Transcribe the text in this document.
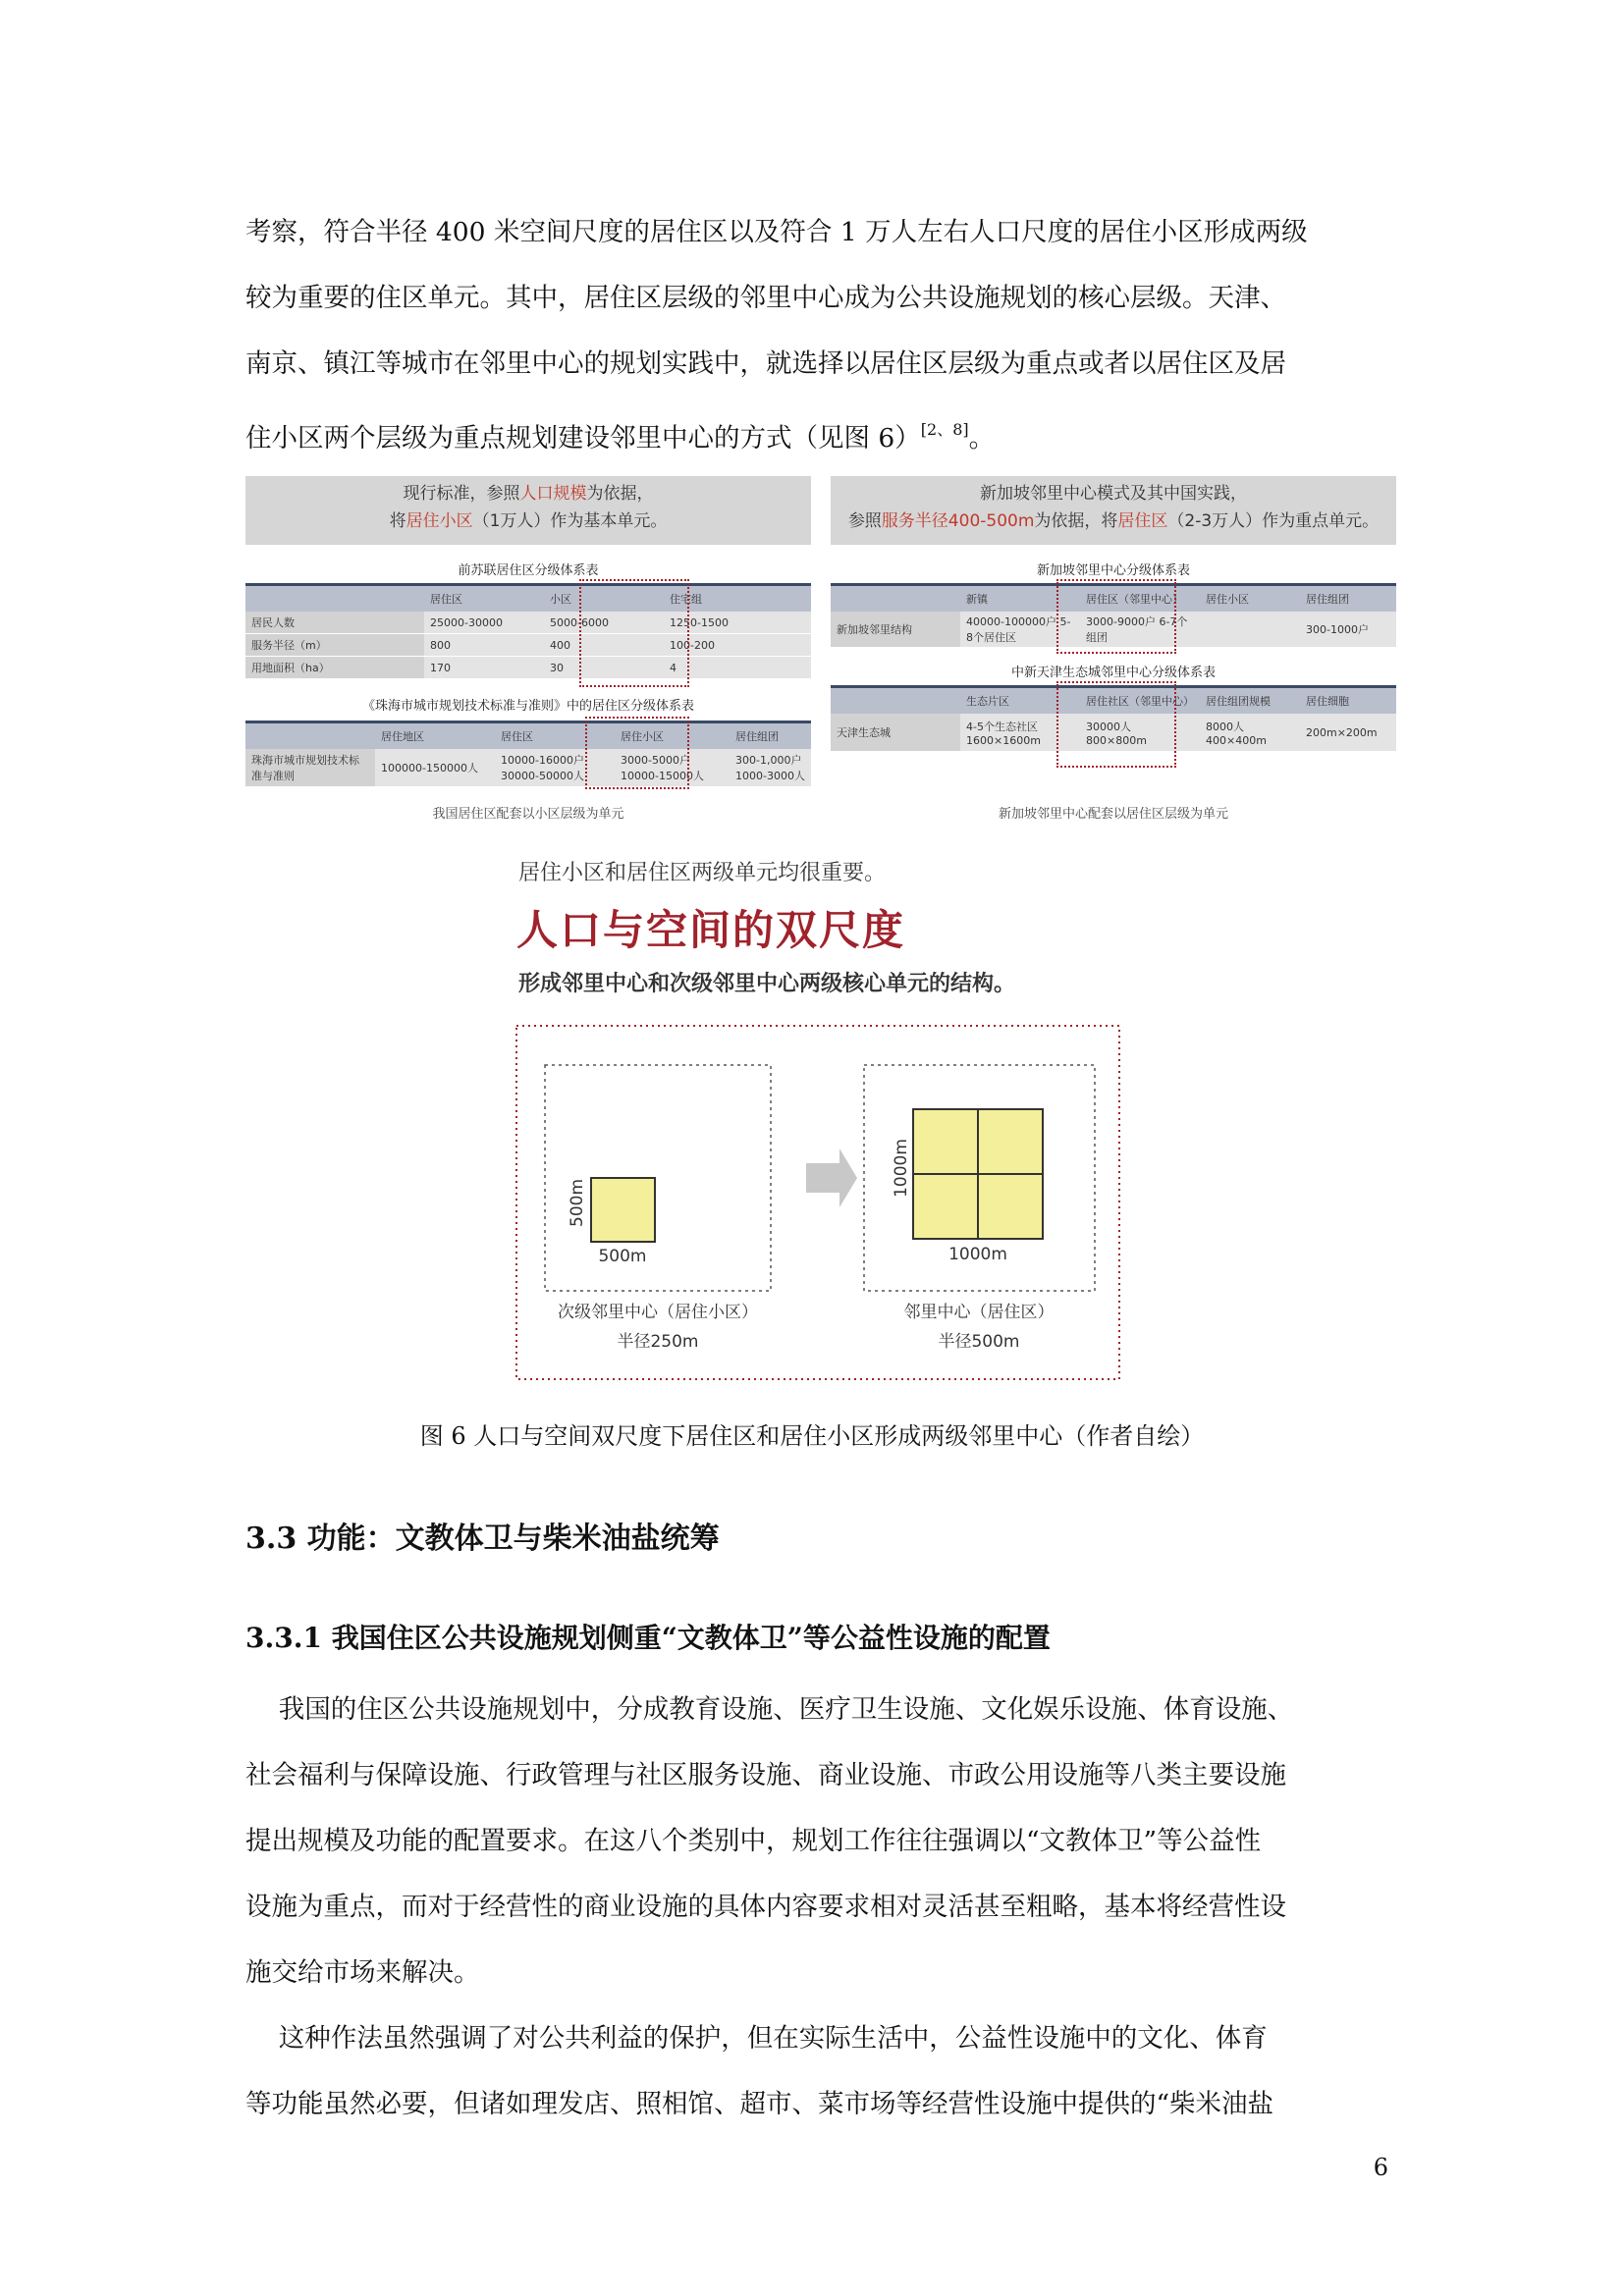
考察，符合半径 400 米空间尺度的居住区以及符合 1 万人左右人口尺度的居住小区形成两级
较为重要的住区单元。其中，居住区层级的邻里中心成为公共设施规划的核心层级。天津、
南京、镇江等城市在邻里中心的规划实践中，就选择以居住区层级为重点或者以居住区及居
住小区两个层级为重点规划建设邻里中心的方式（见图 6）[2、8]。
现行标准，参照人口规模为依据，
将居住小区（1万人）作为基本单元。
前苏联居住区分级体系表
	居住区	小区	住宅组
居民人数	25000-30000	5000-6000	1250-1500
服务半径（m）	800	400	100-200
用地面积（ha）	170	30	4
《珠海市城市规划技术标准与准则》中的居住区分级体系表
	居住地区	居住区	居住小区	居住组团
珠海市城市规划技术标准与准则	100000-150000人	10000-16000户 30000-50000人	3000-5000户 10000-15000人	300-1,000户 1000-3000人
我国居住区配套以小区层级为单元
新加坡邻里中心模式及其中国实践，
参照服务半径400-500m为依据，将居住区（2-3万人）作为重点单元。
新加坡邻里中心分级体系表
	新镇	居住区（邻里中心）	居住小区	居住组团
新加坡邻里结构	40000-100000户 5-8个居住区	3000-9000户 6-7个组团		300-1000户
中新天津生态城邻里中心分级体系表
	生态片区	居住社区（邻里中心）	居住组团规模	居住细胞
天津生态城	4-5个生态社区 1600×1600m	30000人 800×800m	8000人 400×400m	200m×200m
新加坡邻里中心配套以居住区层级为单元
居住小区和居住区两级单元均很重要。
人口与空间的双尺度
形成邻里中心和次级邻里中心两级核心单元的结构。
500m
500m
次级邻里中心（居住小区）
半径250m
1000m
1000m
邻里中心（居住区）
半径500m
图 6 人口与空间双尺度下居住区和居住小区形成两级邻里中心（作者自绘）
3.3 功能：文教体卫与柴米油盐统筹
3.3.1 我国住区公共设施规划侧重“文教体卫”等公益性设施的配置
我国的住区公共设施规划中，分成教育设施、医疗卫生设施、文化娱乐设施、体育设施、
社会福利与保障设施、行政管理与社区服务设施、商业设施、市政公用设施等八类主要设施
提出规模及功能的配置要求。在这八个类别中，规划工作往往强调以“文教体卫”等公益性
设施为重点，而对于经营性的商业设施的具体内容要求相对灵活甚至粗略，基本将经营性设
施交给市场来解决。
这种作法虽然强调了对公共利益的保护，但在实际生活中，公益性设施中的文化、体育
等功能虽然必要，但诸如理发店、照相馆、超市、菜市场等经营性设施中提供的“柴米油盐
6
